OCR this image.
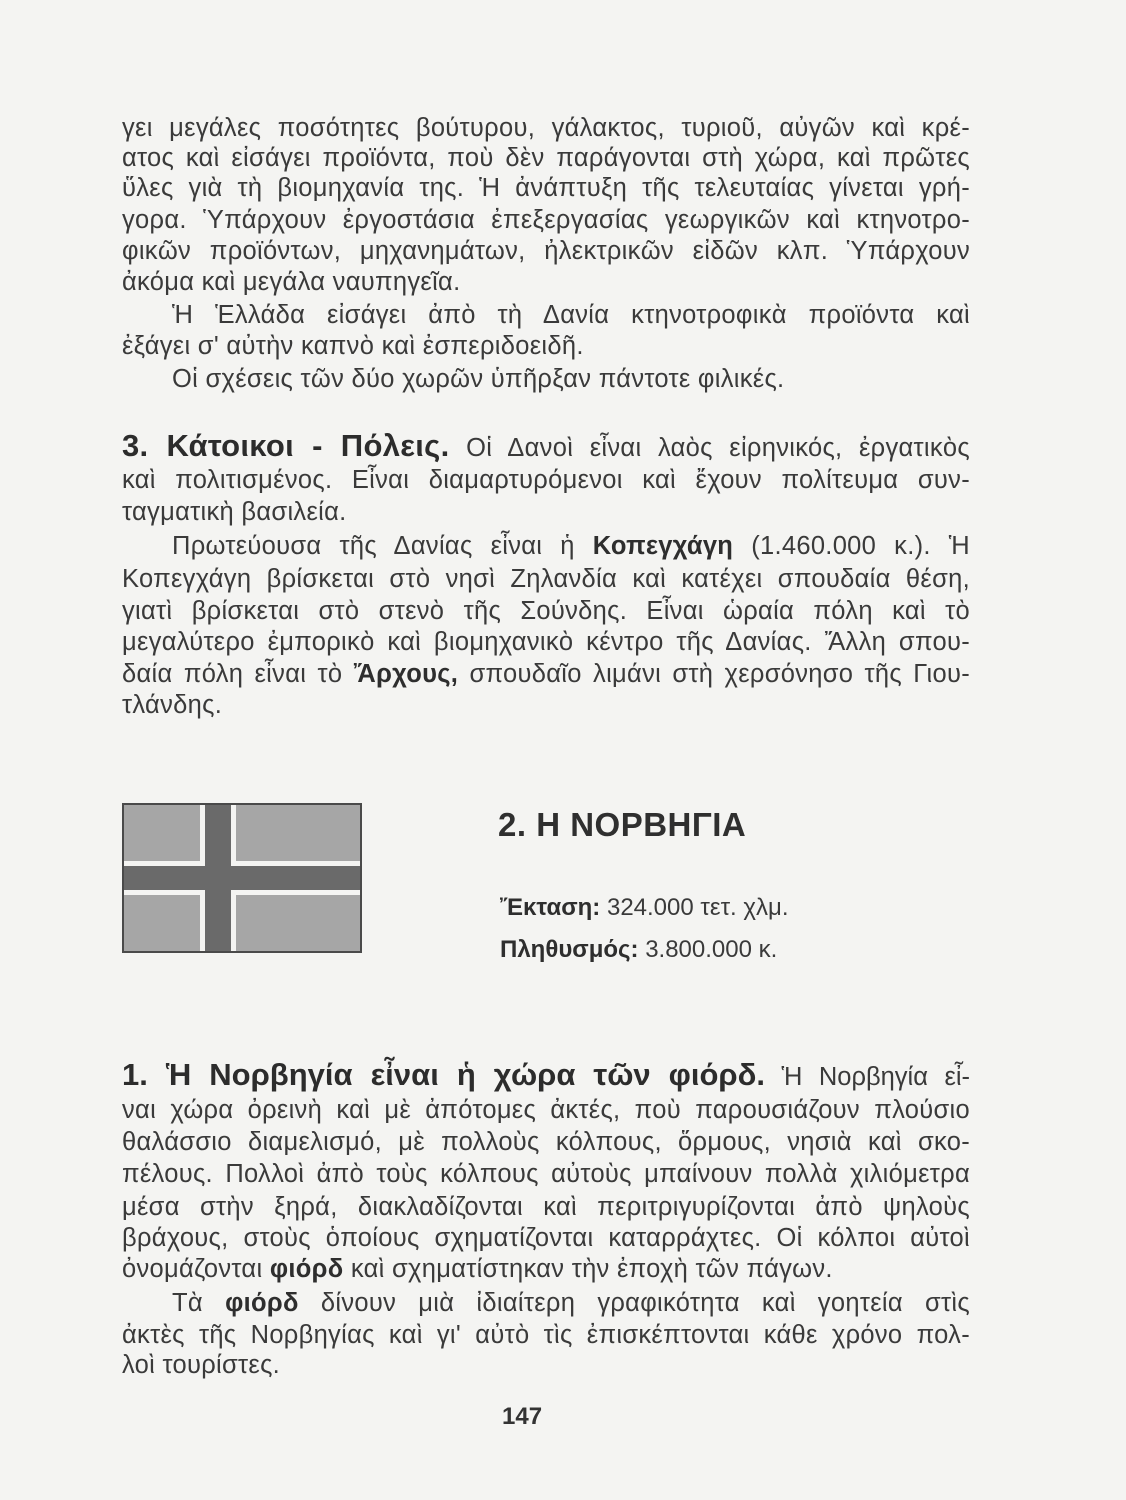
γει μεγάλες ποσότητες βούτυρου, γάλακτος, τυριοῦ, αὐγῶν καὶ κρέ-
ατος καὶ εἰσάγει προϊόντα, ποὺ δὲν παράγονται στὴ χώρα, καὶ πρῶτες
ὕλες γιὰ τὴ βιομηχανία της. Ἡ ἀνάπτυξη τῆς τελευταίας γίνεται γρή-
γορα. Ὑπάρχουν ἐργοστάσια ἐπεξεργασίας γεωργικῶν καὶ κτηνοτρο-
φικῶν προϊόντων, μηχανημάτων, ἠλεκτρικῶν εἰδῶν κλπ. Ὑπάρχουν
ἀκόμα καὶ μεγάλα ναυπηγεῖα.
Ἡ Ἑλλάδα εἰσάγει ἀπὸ τὴ Δανία κτηνοτροφικὰ προϊόντα καὶ
ἐξάγει σ' αὐτὴν καπνὸ καὶ ἐσπεριδοειδῆ.
Οἱ σχέσεις τῶν δύο χωρῶν ὑπῆρξαν πάντοτε φιλικές.
3. Κάτοικοι - Πόλεις. Οἱ Δανοὶ εἶναι λαὸς εἰρηνικός, ἐργατικὸς
καὶ πολιτισμένος. Εἶναι διαμαρτυρόμενοι καὶ ἔχουν πολίτευμα συν-
ταγματικὴ βασιλεία.
Πρωτεύουσα τῆς Δανίας εἶναι ἡ Κοπεγχάγη (1.460.000 κ.). Ἡ
Κοπεγχάγη βρίσκεται στὸ νησὶ Ζηλανδία καὶ κατέχει σπουδαία θέση,
γιατὶ βρίσκεται στὸ στενὸ τῆς Σούνδης. Εἶναι ὡραία πόλη καὶ τὸ
μεγαλύτερο ἐμπορικὸ καὶ βιομηχανικὸ κέντρο τῆς Δανίας. Ἄλλη σπου-
δαία πόλη εἶναι τὸ Ἄρχους, σπουδαῖο λιμάνι στὴ χερσόνησο τῆς Γιου-
τλάνδης.
2. Η ΝΟΡΒΗΓΙΑ
Ἔκταση: 324.000 τετ. χλμ.
Πληθυσμός: 3.800.000 κ.
1. Ἡ Νορβηγία εἶναι ἡ χώρα τῶν φιόρδ. Ἡ Νορβηγία εἶ-
ναι χώρα ὀρεινὴ καὶ μὲ ἀπότομες ἀκτές, ποὺ παρουσιάζουν πλούσιο
θαλάσσιο διαμελισμό, μὲ πολλοὺς κόλπους, ὅρμους, νησιὰ καὶ σκο-
πέλους. Πολλοὶ ἀπὸ τοὺς κόλπους αὐτοὺς μπαίνουν πολλὰ χιλιόμετρα
μέσα στὴν ξηρά, διακλαδίζονται καὶ περιτριγυρίζονται ἀπὸ ψηλοὺς
βράχους, στοὺς ὁποίους σχηματίζονται καταρράχτες. Οἱ κόλποι αὐτοὶ
ὀνομάζονται φιόρδ καὶ σχηματίστηκαν τὴν ἐποχὴ τῶν πάγων.
Τὰ φιόρδ δίνουν μιὰ ἰδιαίτερη γραφικότητα καὶ γοητεία στὶς
ἀκτὲς τῆς Νορβηγίας καὶ γι' αὐτὸ τὶς ἐπισκέπτονται κάθε χρόνο πολ-
λοὶ τουρίστες.
147
